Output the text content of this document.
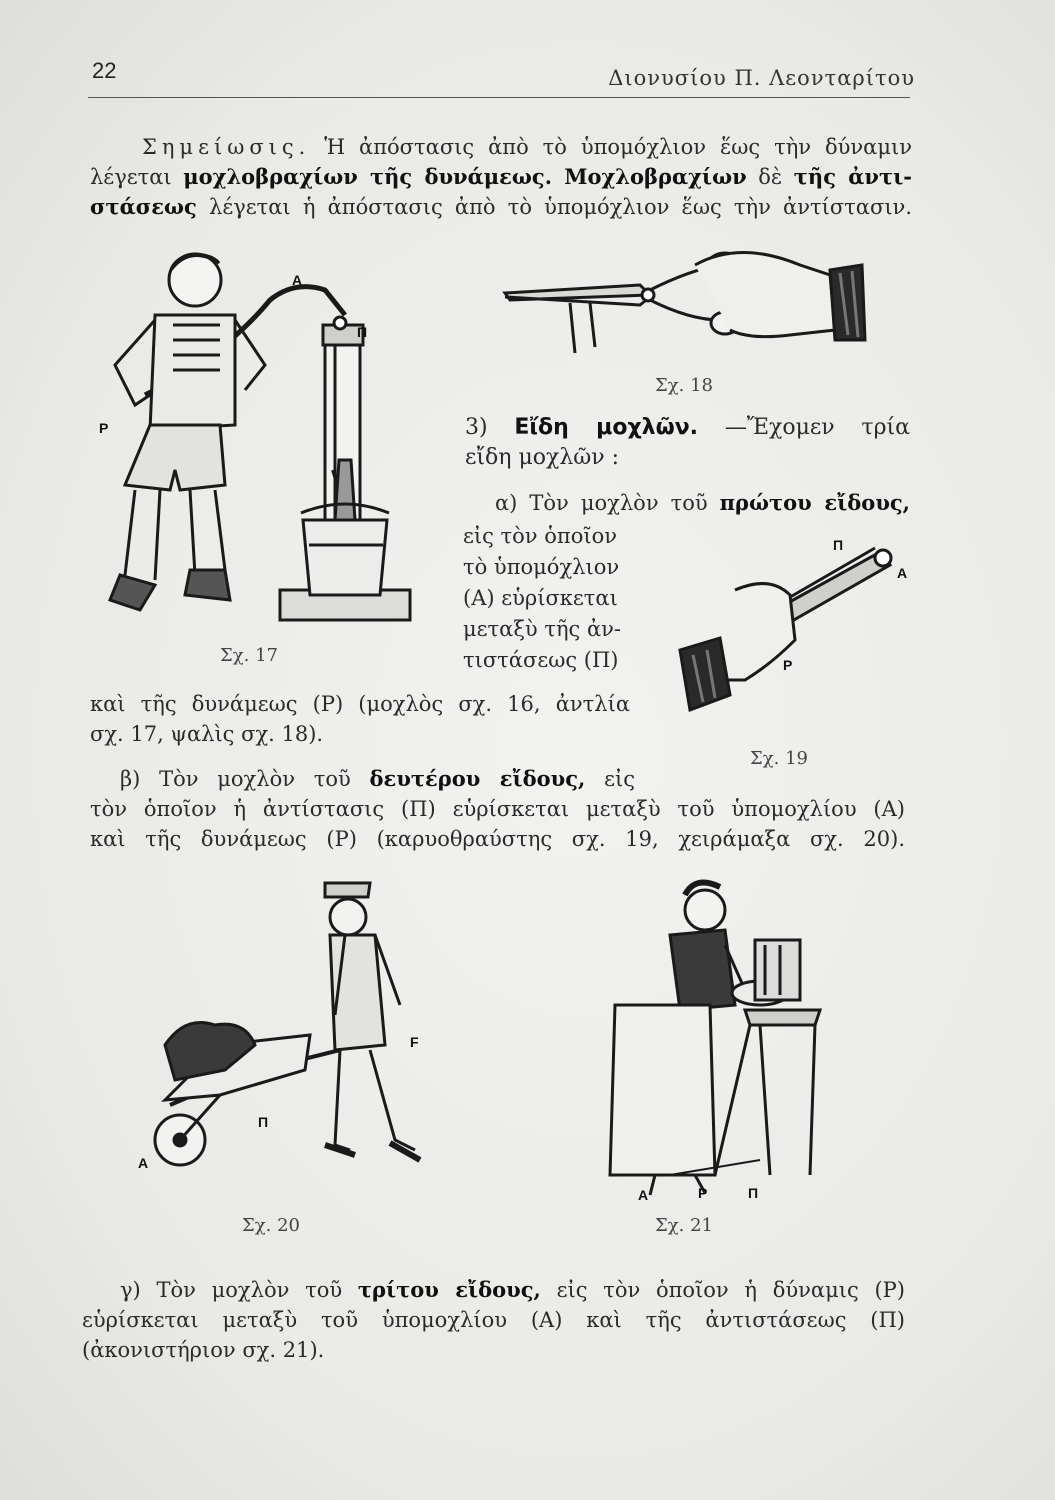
22	Διονυσίου Π. Λεονταρίτου
Σημείωσις. Ἡ ἀπόστασις ἀπὸ τὸ ὑπομόχλιον ἕως τὴν δύναμιν
λέγεται μοχλοβραχίων τῆς δυνάμεως. Μοχλοβραχίων δὲ τῆς ἀντι-
στάσεως λέγεται ἡ ἀπόστασις ἀπὸ τὸ ὑπομόχλιον ἕως τὴν ἀντίστασιν.
Α
Π
Ρ
Σχ. 17
Σχ. 18
3) Εἴδη μοχλῶν. —Ἔχομεν τρία
εἴδη μοχλῶν :
α) Τὸν μοχλὸν τοῦ πρώτου εἴδους,
εἰς τὸν ὁποῖον
τὸ ὑπομόχλιον
(Α) εὑρίσκεται
μεταξὺ τῆς ἀν-
τιστάσεως (Π)
Π
Α
Ρ
Σχ. 19
καὶ τῆς δυνάμεως (Ρ) (μοχλὸς σχ. 16, ἀντλία
σχ. 17, ψαλὶς σχ. 18).
β) Τὸν μοχλὸν τοῦ δευτέρου εἴδους, εἰς
τὸν ὁποῖον ἡ ἀντίστασις (Π) εὑρίσκεται μεταξὺ τοῦ ὑπομοχλίου (Α)
καὶ τῆς δυνάμεως (Ρ) (καρυοθραύστης σχ. 19, χειράμαξα σχ. 20).
Α
Π
F
Σχ. 20
Α	Ρ	Π
Σχ. 21
γ) Τὸν μοχλὸν τοῦ τρίτου εἴδους, εἰς τὸν ὁποῖον ἡ δύναμις (Ρ)
εὑρίσκεται μεταξὺ τοῦ ὑπομοχλίου (Α) καὶ τῆς ἀντιστάσεως (Π)
(ἀκονιστήριον σχ. 21).
